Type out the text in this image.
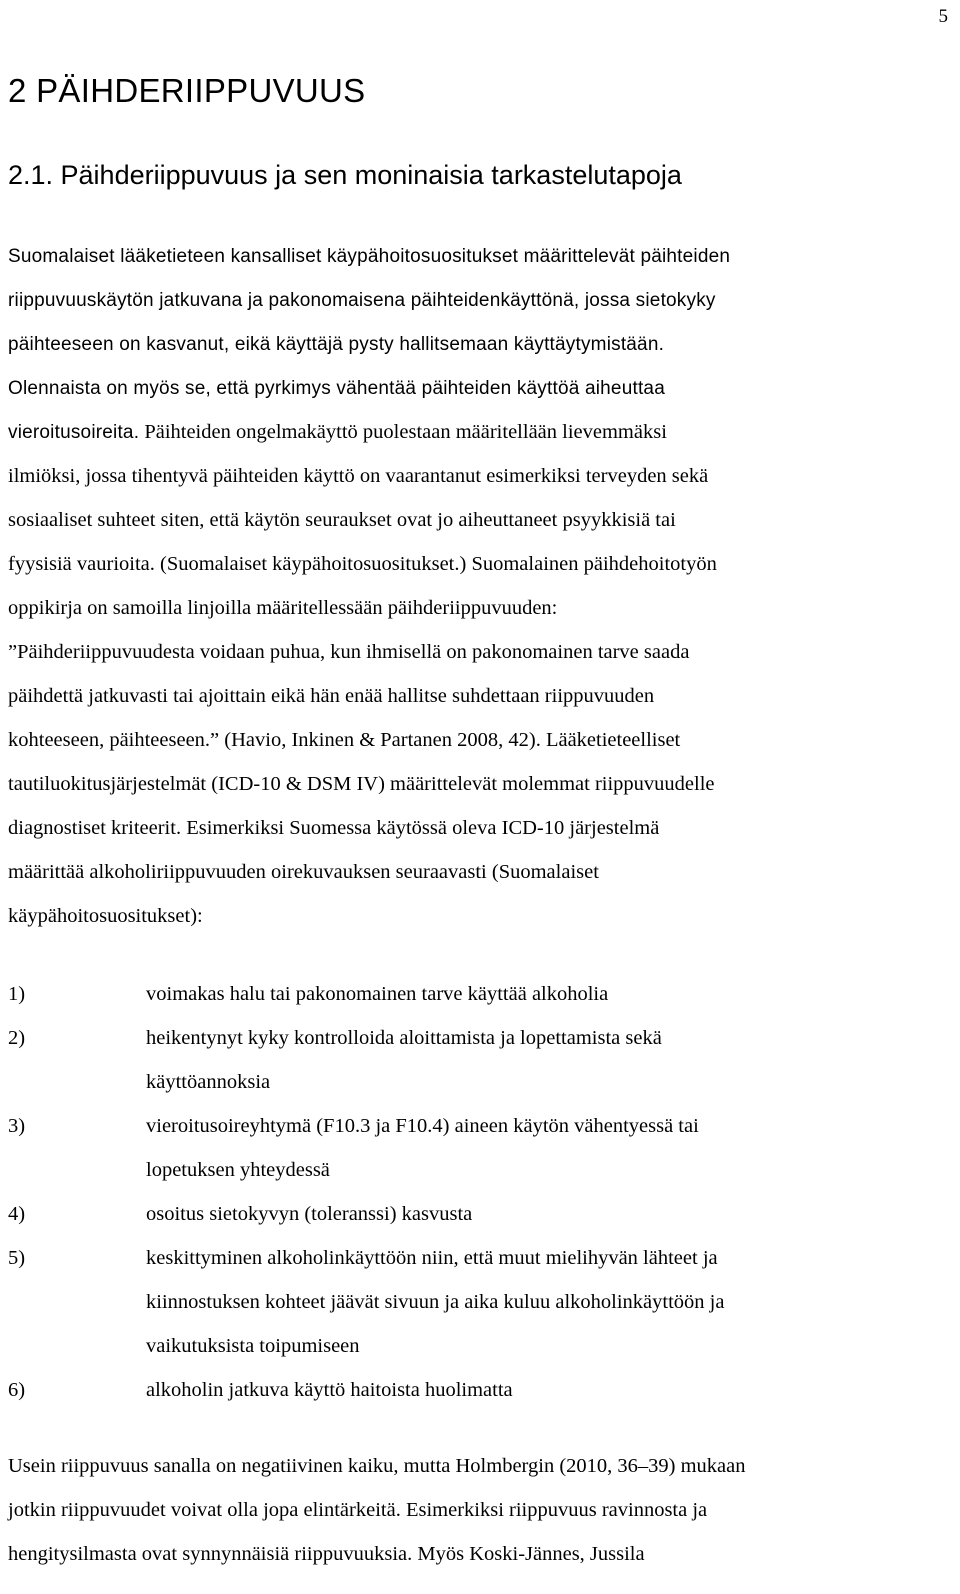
5
2 PÄIHDERIIPPUVUUS
2.1. Päihderiippuvuus ja sen moninaisia tarkastelutapoja
Suomalaiset lääketieteen kansalliset käypähoitosuositukset määrittelevät päihteiden
riippuvuuskäytön jatkuvana ja pakonomaisena päihteidenkäyttönä, jossa sietokyky
päihteeseen on kasvanut, eikä käyttäjä pysty hallitsemaan käyttäytymistään.
Olennaista on myös se, että pyrkimys vähentää päihteiden käyttöä aiheuttaa
vieroitusoireita. Päihteiden ongelmakäyttö puolestaan määritellään lievemmäksi
ilmiöksi, jossa tihentyvä päihteiden käyttö on vaarantanut esimerkiksi terveyden sekä
sosiaaliset suhteet siten, että käytön seuraukset ovat jo aiheuttaneet psyykkisiä tai
fyysisiä vaurioita. (Suomalaiset käypähoitosuositukset.) Suomalainen päihdehoitotyön
oppikirja on samoilla linjoilla määritellessään päihderiippuvuuden:
”Päihderiippuvuudesta voidaan puhua, kun ihmisellä on pakonomainen tarve saada
päihdettä jatkuvasti tai ajoittain eikä hän enää hallitse suhdettaan riippuvuuden
kohteeseen, päihteeseen.” (Havio, Inkinen & Partanen 2008, 42). Lääketieteelliset
tautiluokitusjärjestelmät (ICD-10 & DSM IV) määrittelevät molemmat riippuvuudelle
diagnostiset kriteerit. Esimerkiksi Suomessa käytössä oleva ICD-10 järjestelmä
määrittää alkoholiriippuvuuden oirekuvauksen seuraavasti (Suomalaiset
käypähoitosuositukset):
1)	voimakas halu tai pakonomainen tarve käyttää alkoholia
2)	heikentynyt kyky kontrolloida aloittamista ja lopettamista sekä
käyttöannoksia
3)	vieroitusoireyhtymä (F10.3 ja F10.4) aineen käytön vähentyessä tai
lopetuksen yhteydessä
4)	osoitus sietokyvyn (toleranssi) kasvusta
5)	keskittyminen alkoholinkäyttöön niin, että muut mielihyvän lähteet ja
kiinnostuksen kohteet jäävät sivuun ja aika kuluu alkoholinkäyttöön ja
vaikutuksista toipumiseen
6)	alkoholin jatkuva käyttö haitoista huolimatta
Usein riippuvuus sanalla on negatiivinen kaiku, mutta Holmbergin (2010, 36–39) mukaan
jotkin riippuvuudet voivat olla jopa elintärkeitä. Esimerkiksi riippuvuus ravinnosta ja
hengitysilmasta ovat synnynnäisiä riippuvuuksia. Myös Koski-Jännes, Jussila
